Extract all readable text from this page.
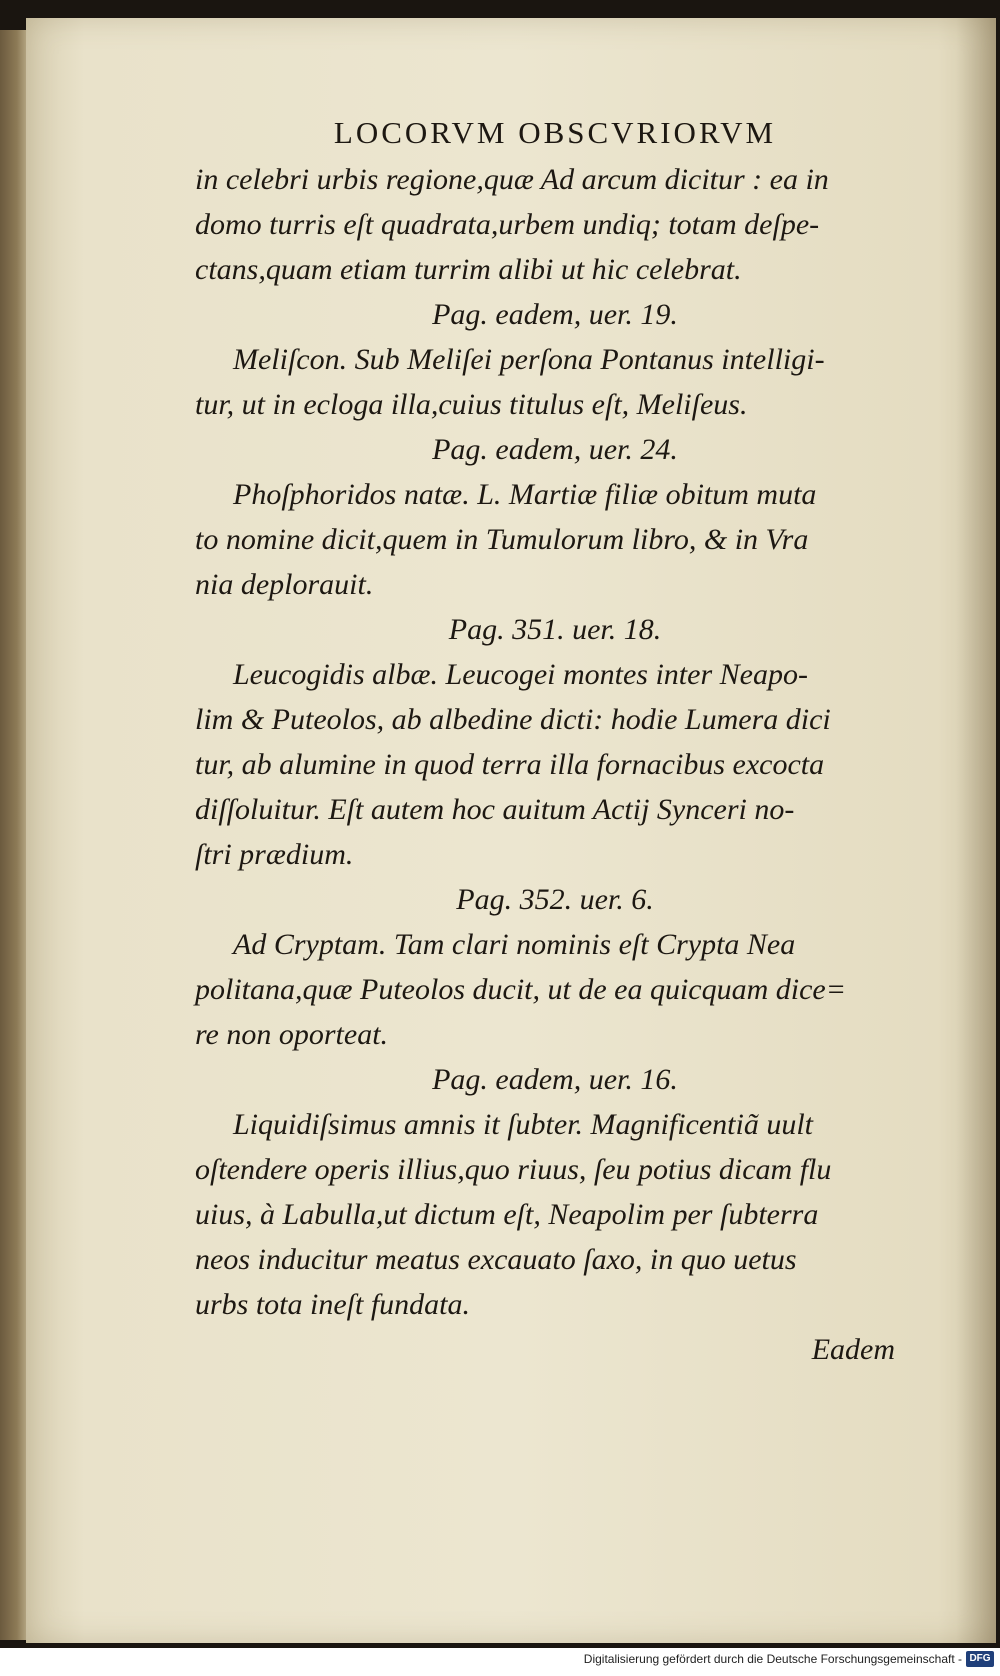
LOCORVM OBSCVRIORVM
in celebri urbis regione,quæ Ad arcum dicitur : ea in
domo turris eſt quadrata,urbem undiq; totam deſpe-
ctans,quam etiam turrim alibi ut hic celebrat.
Pag. eadem, uer. 19.
Meliſcon. Sub Meliſei perſona Pontanus intelligi-
tur, ut in ecloga illa,cuius titulus eſt, Meliſeus.
Pag. eadem, uer. 24.
Phoſphoridos natæ. L. Martiæ filiæ obitum muta
to nomine dicit,quem in Tumulorum libro, & in Vra
nia deplorauit.
Pag. 351. uer. 18.
Leucogidis albæ. Leucogei montes inter Neapo-
lim & Puteolos, ab albedine dicti: hodie Lumera dici
tur, ab alumine in quod terra illa fornacibus excocta
diſſoluitur. Eſt autem hoc auitum Actij Synceri no-
ſtri prædium.
Pag. 352. uer. 6.
Ad Cryptam. Tam clari nominis eſt Crypta Nea
politana,quæ Puteolos ducit, ut de ea quicquam dice=
re non oporteat.
Pag. eadem, uer. 16.
Liquidiſsimus amnis it ſubter. Magnificentiã uult
oſtendere operis illius,quo riuus, ſeu potius dicam flu
uius, à Labulla,ut dictum eſt, Neapolim per ſubterra
neos inducitur meatus excauato ſaxo, in quo uetus
urbs tota ineſt fundata.
Eadem
Digitalisierung gefördert durch die Deutsche Forschungsgemeinschaft - DFG
